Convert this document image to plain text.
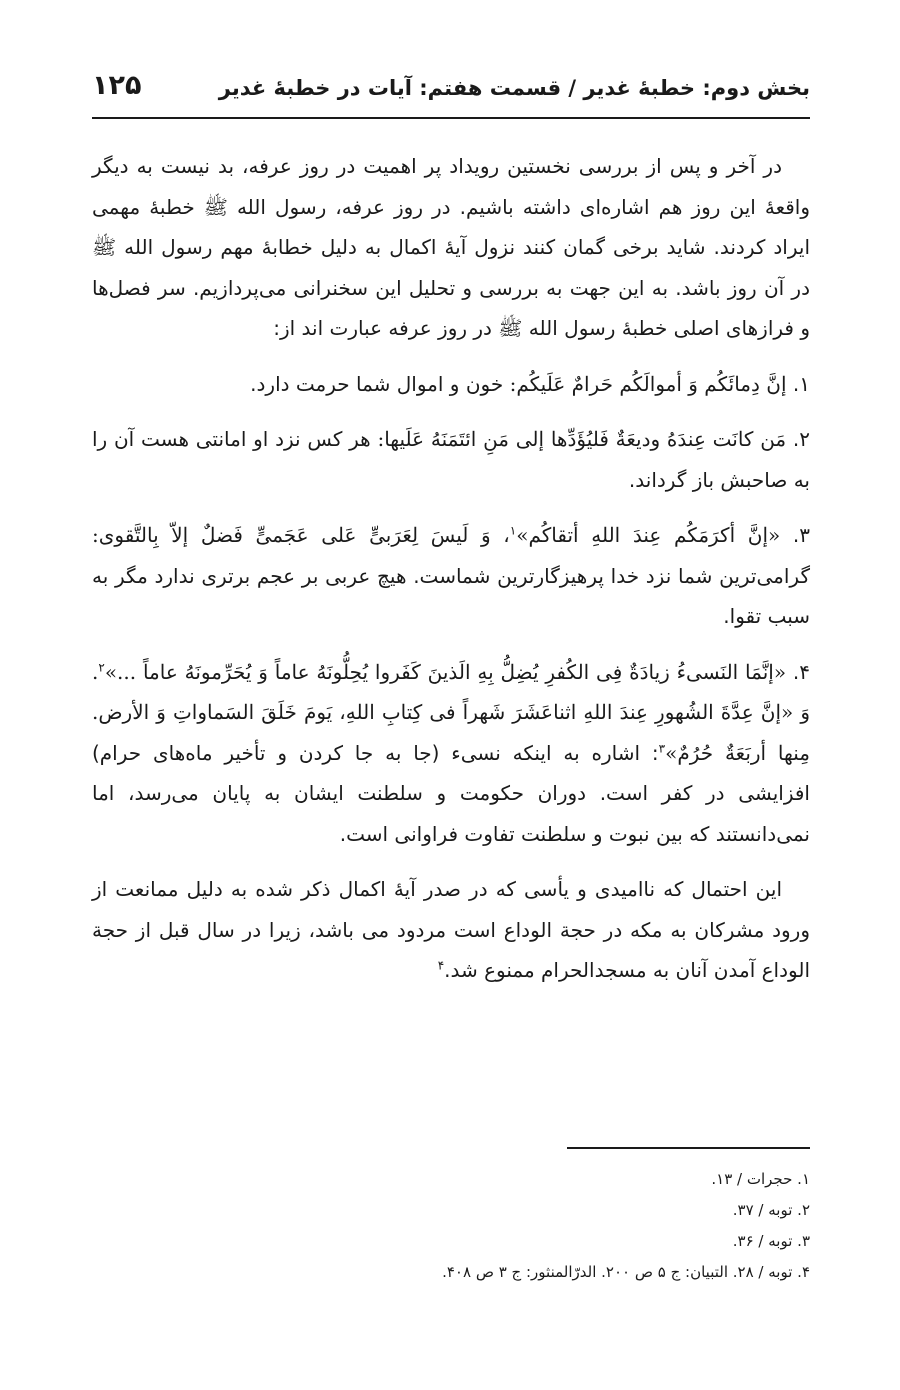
بخش دوم: خطبۀ غدیر / قسمت هفتم: آیات در خطبۀ غدیر
۱۲۵

در آخر و پس از بررسی نخستین رویداد پر اهمیت در روز عرفه، بد نیست به دیگر واقعۀ این روز هم اشاره‌ای داشته باشیم. در روز عرفه، رسول الله ﷺ خطبۀ مهمی ایراد کردند. شاید برخی گمان کنند نزول آیۀ اکمال به دلیل خطابۀ مهم رسول الله ﷺ در آن روز باشد. به این جهت به بررسی و تحلیل این سخنرانی می‌پردازیم. سر فصل‌ها و فرازهای اصلی خطبۀ رسول الله ﷺ در روز عرفه عبارت اند از:

۱. إنَّ دِمائَکُم وَ أموالَکُم حَرامٌ عَلَیکُم: خون و اموال شما حرمت دارد.

۲. مَن کانَت عِندَهُ ودیعَةٌ فَلیُؤَدِّها إلی مَنِ ائتَمَنَهُ عَلَیها: هر کس نزد او امانتی هست آن را به صاحبش باز گرداند.

۳. «إنَّ أکرَمَکُم عِندَ اللهِ أتقاکُم»$^۱$، وَ لَیسَ لِعَرَبیٍّ عَلی عَجَمیٍّ فَضلٌ إلاّ بِالتَّقوی: گرامی‌ترین شما نزد خدا پرهیزگارترین شماست. هیچ عربی بر عجم برتری ندارد مگر به سبب تقوا.

۴. «إنَّمَا النَسیءُ زیادَةٌ فِی الکُفرِ یُضِلُّ بِهِ الَذینَ کَفَروا یُحِلُّونَهُ عاماً وَ یُحَرِّمونَهُ عاماً ...»$^۲$. وَ «إنَّ عِدَّةَ الشُهورِ عِندَ اللهِ اثناعَشَرَ شَهراً فی کِتابِ اللهِ، یَومَ خَلَقَ السَماواتِ وَ الأرض. مِنها أربَعَةٌ حُرُمٌ»$^۳$: اشاره به اینکه نسیء (جا به جا کردن و تأخیر ماه‌های حرام) افزایشی در کفر است. دوران حکومت و سلطنت ایشان به پایان می‌رسد، اما نمی‌دانستند که بین نبوت و سلطنت تفاوت فراوانی است.

این احتمال که ناامیدی و یأسی که در صدر آیۀ اکمال ذکر شده به دلیل ممانعت از ورود مشرکان به مکه در حجة الوداع است مردود می باشد، زیرا در سال قبل از حجة الوداع آمدن آنان به مسجدالحرام ممنوع شد.$^۴$

۱. حجرات / ۱۳.

۲. توبه / ۳۷.

۳. توبه / ۳۶.

۴. توبه / ۲۸. التبیان: ج ۵ ص ۲۰۰. الدرّالمنثور: ج ۳ ص ۴۰۸.
